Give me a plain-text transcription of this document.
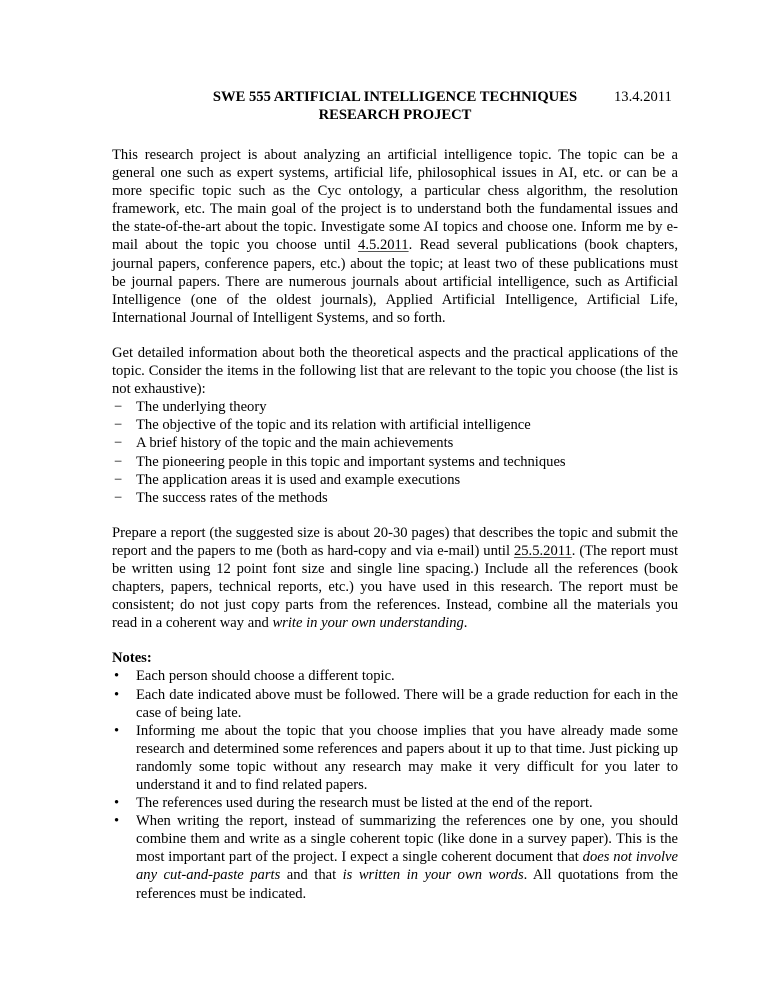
SWE 555 ARTIFICIAL INTELLIGENCE TECHNIQUES
RESEARCH PROJECT
13.4.2011

This research project is about analyzing an artificial intelligence topic. The topic can be a general one such as expert systems, artificial life, philosophical issues in AI, etc. or can be a more specific topic such as the Cyc ontology, a particular chess algorithm, the resolution framework, etc. The main goal of the project is to understand both the fundamental issues and the state-of-the-art about the topic. Investigate some AI topics and choose one. Inform me by e-mail about the topic you choose until 4.5.2011. Read several publications (book chapters, journal papers, conference papers, etc.) about the topic; at least two of these publications must be journal papers. There are numerous journals about artificial intelligence, such as Artificial Intelligence (one of the oldest journals), Applied Artificial Intelligence, Artificial Life, International Journal of Intelligent Systems, and so forth.

Get detailed information about both the theoretical aspects and the practical applications of the topic. Consider the items in the following list that are relevant to the topic you choose (the list is not exhaustive):

− The underlying theory
− The objective of the topic and its relation with artificial intelligence
− A brief history of the topic and the main achievements
− The pioneering people in this topic and important systems and techniques
− The application areas it is used and example executions
− The success rates of the methods

Prepare a report (the suggested size is about 20-30 pages) that describes the topic and submit the report and the papers to me (both as hard-copy and via e-mail) until 25.5.2011. (The report must be written using 12 point font size and single line spacing.) Include all the references (book chapters, papers, technical reports, etc.) you have used in this research. The report must be consistent; do not just copy parts from the references. Instead, combine all the materials you read in a coherent way and write in your own understanding.

Notes:
• Each person should choose a different topic.
• Each date indicated above must be followed. There will be a grade reduction for each in the case of being late.
• Informing me about the topic that you choose implies that you have already made some research and determined some references and papers about it up to that time. Just picking up randomly some topic without any research may make it very difficult for you later to understand it and to find related papers.
• The references used during the research must be listed at the end of the report.
• When writing the report, instead of summarizing the references one by one, you should combine them and write as a single coherent topic (like done in a survey paper). This is the most important part of the project. I expect a single coherent document that does not involve any cut-and-paste parts and that is written in your own words. All quotations from the references must be indicated.
